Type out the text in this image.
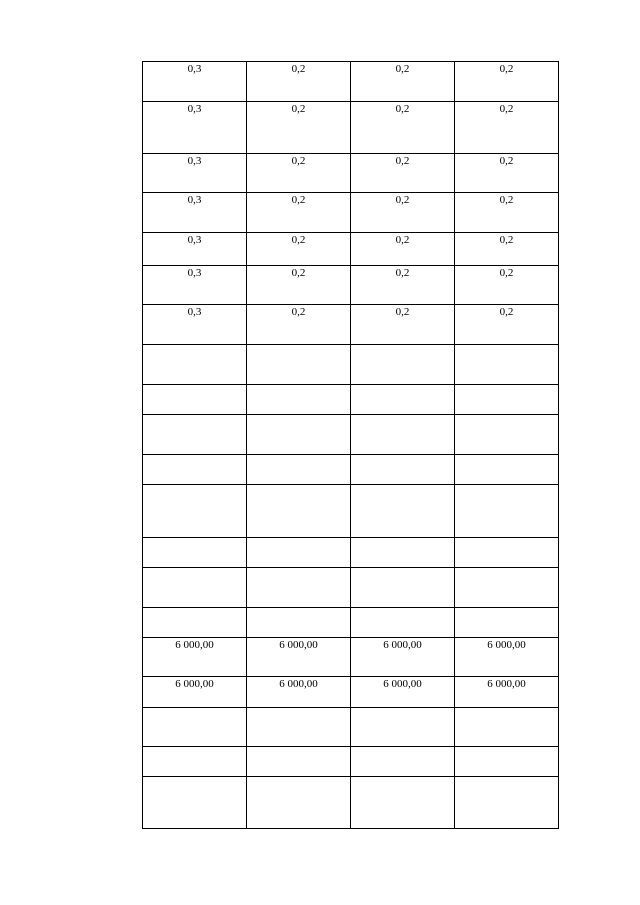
0,3	0,2	0,2	0,2

0,3	0,2	0,2	0,2

0,3	0,2	0,2	0,2

0,3	0,2	0,2	0,2

0,3	0,2	0,2	0,2

0,3	0,2	0,2	0,2

0,3	0,2	0,2	0,2

6 000,00	6 000,00	6 000,00	6 000,00

6 000,00	6 000,00	6 000,00	6 000,00
